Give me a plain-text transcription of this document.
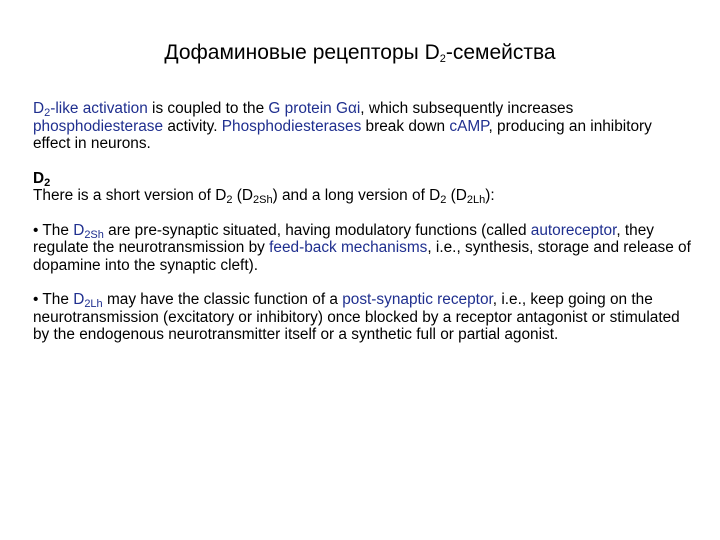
Дофаминовые рецепторы $D_2$-семейства

$D_2$-like activation is coupled to the G protein Gαi, which subsequently increases phosphodiesterase activity. Phosphodiesterases break down cAMP, producing an inhibitory effect in neurons.

$D_2$
There is a short version of $D_2$ $(D_{2Sh})$ and a long version of $D_2$ $(D_{2Lh})$:

• The $D_{2Sh}$ are pre-synaptic situated, having modulatory functions (called autoreceptor, they regulate the neurotransmission by feed-back mechanisms, i.e., synthesis, storage and release of dopamine into the synaptic cleft).

• The $D_{2Lh}$ may have the classic function of a post-synaptic receptor, i.e., keep going on the neurotransmission (excitatory or inhibitory) once blocked by a receptor antagonist or stimulated by the endogenous neurotransmitter itself or a synthetic full or partial agonist.
